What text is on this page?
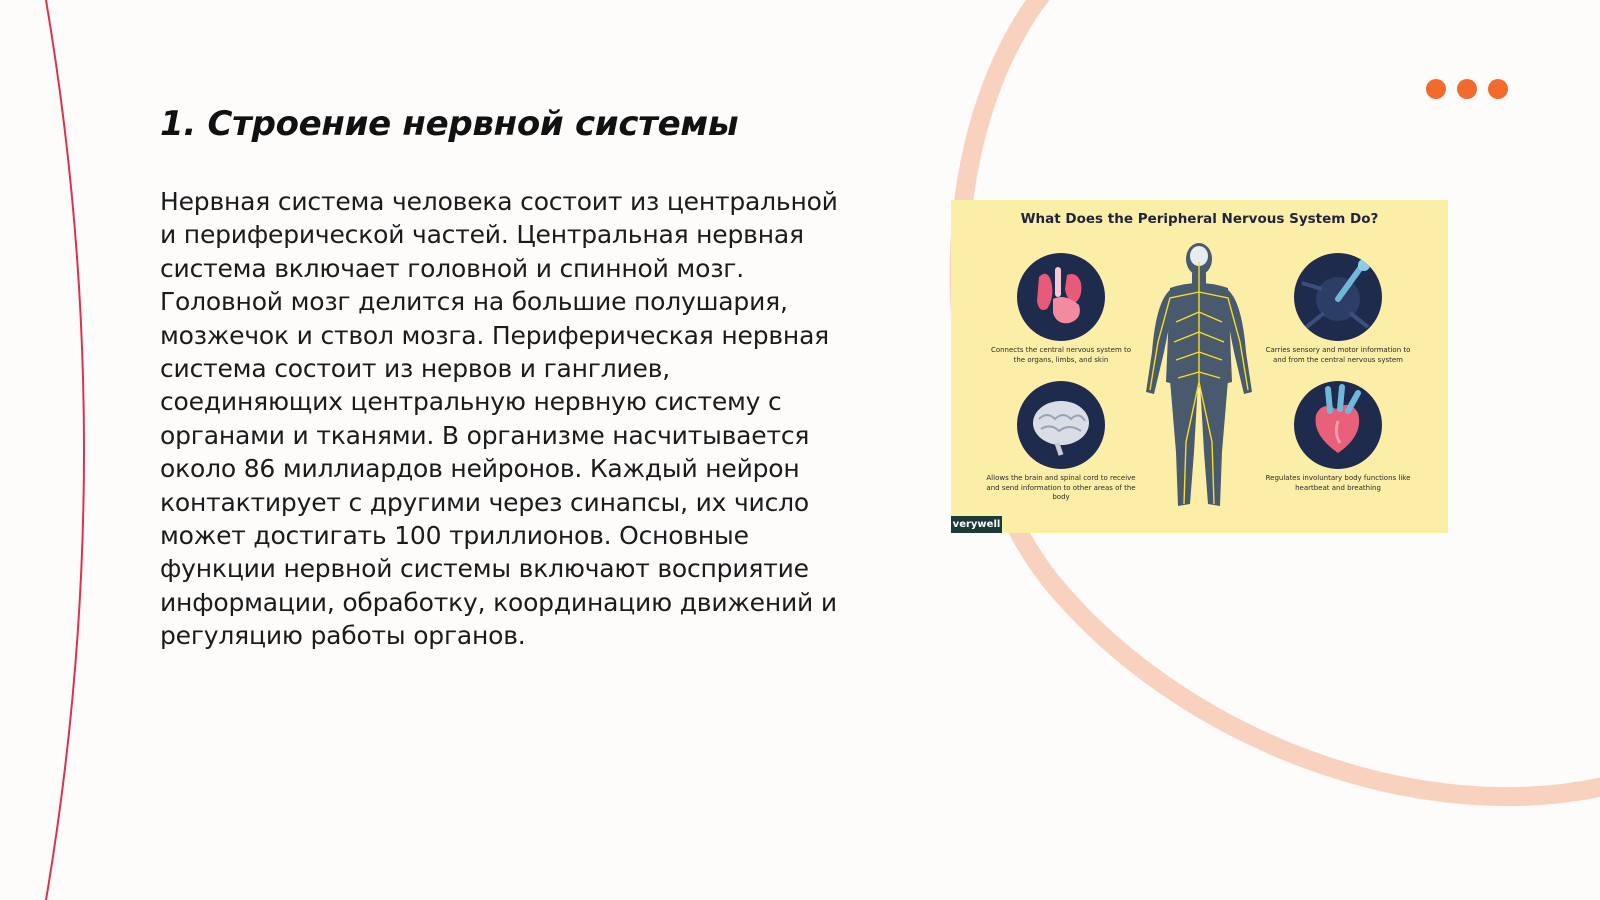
1. Строение нервной системы
Нервная система человека состоит из центральной и периферической частей. Центральная нервная система включает головной и спинной мозг. Головной мозг делится на большие полушария, мозжечок и ствол мозга. Периферическая нервная система состоит из нервов и ганглиев, соединяющих центральную нервную систему с органами и тканями. В организме насчитывается около 86 миллиардов нейронов. Каждый нейрон контактирует с другими через синапсы, их число может достигать 100 триллионов. Основные функции нервной системы включают восприятие информации, обработку, координацию движений и регуляцию работы органов.
What Does the Peripheral Nervous System Do?
Connects the central nervous system to the organs, limbs, and skin
Carries sensory and motor information to and from the central nervous system
Allows the brain and spinal cord to receive and send information to other areas of the body
Regulates involuntary body functions like heartbeat and breathing
verywell
